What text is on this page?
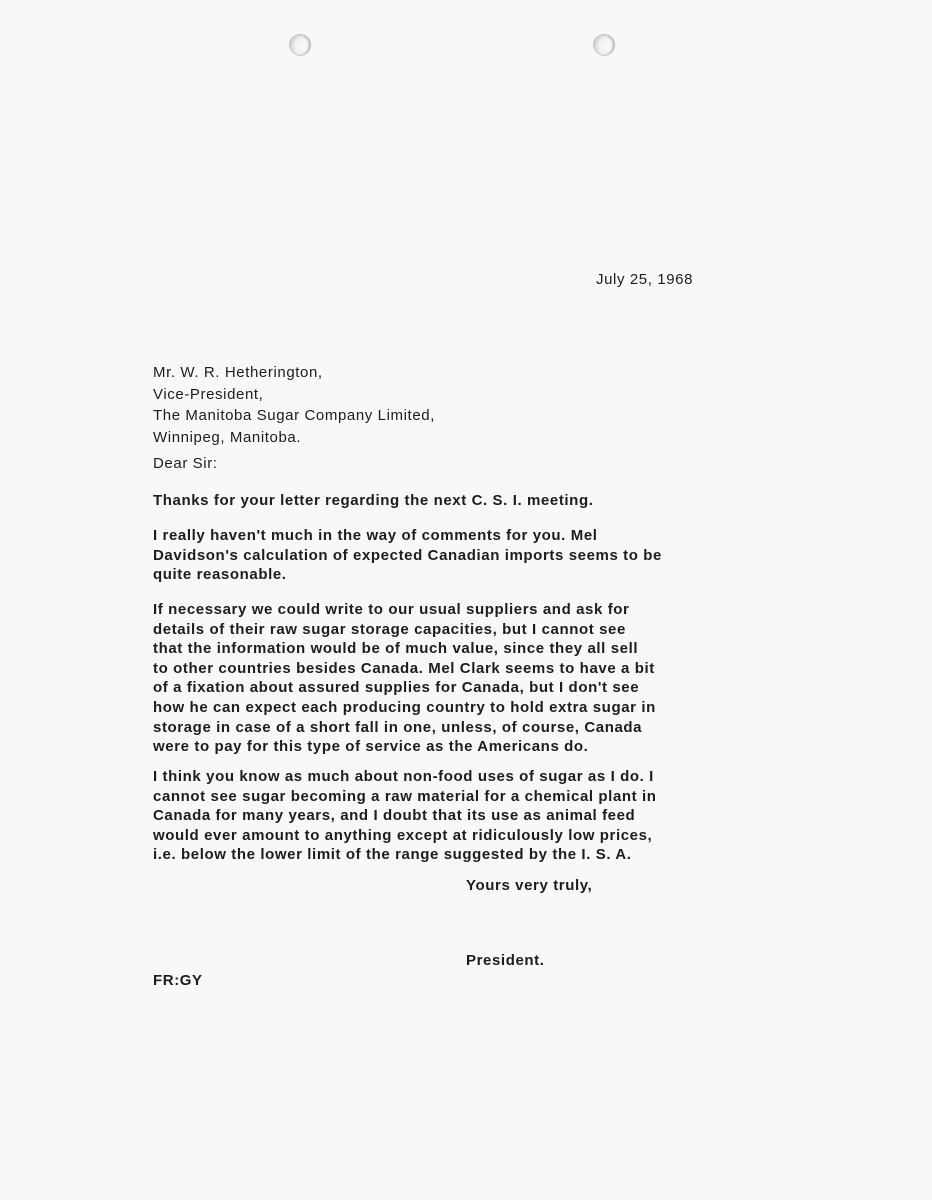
July 25, 1968
Mr. W. R. Hetherington,
Vice-President,
The Manitoba Sugar Company Limited,
Winnipeg, Manitoba.
Dear Sir:
Thanks for your letter regarding the next C. S. I. meeting.
I really haven't much in the way of comments for you. Mel
Davidson's calculation of expected Canadian imports seems to be
quite reasonable.
If necessary we could write to our usual suppliers and ask for
details of their raw sugar storage capacities, but I cannot see
that the information would be of much value, since they all sell
to other countries besides Canada. Mel Clark seems to have a bit
of a fixation about assured supplies for Canada, but I don't see
how he can expect each producing country to hold extra sugar in
storage in case of a short fall in one, unless, of course, Canada
were to pay for this type of service as the Americans do.
I think you know as much about non-food uses of sugar as I do. I
cannot see sugar becoming a raw material for a chemical plant in
Canada for many years, and I doubt that its use as animal feed
would ever amount to anything except at ridiculously low prices,
i.e. below the lower limit of the range suggested by the I. S. A.
Yours very truly,
President.
FR:GY
